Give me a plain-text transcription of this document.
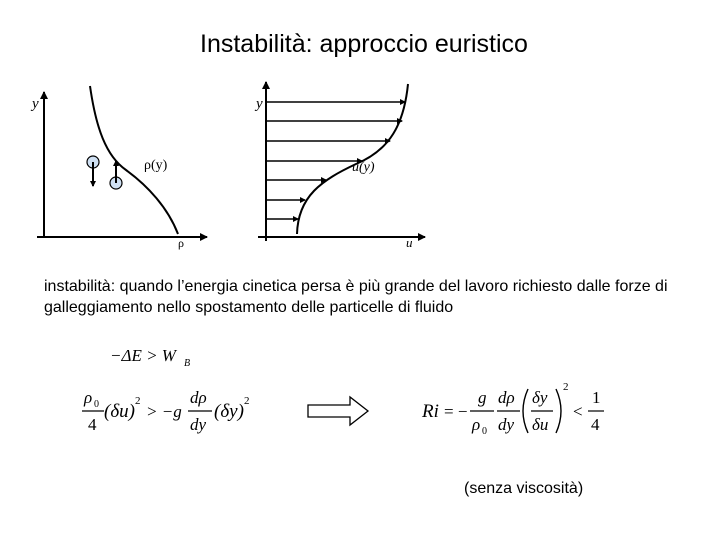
Instabilità: approccio euristico
y
ρ
ρ(y)
y
u
u(y)
−ΔE > W B
ρ 0
4
(δu) 2
> −g
dρ
dy
(δy) 2	Ri = −
g
ρ 0
dρ
dy
δy
δu
2
<
1
4
instabilità: quando l’energia cinetica persa è più grande del lavoro richiesto dalle forze di galleggiamento nello spostamento delle particelle di fluido
(senza viscosità)
